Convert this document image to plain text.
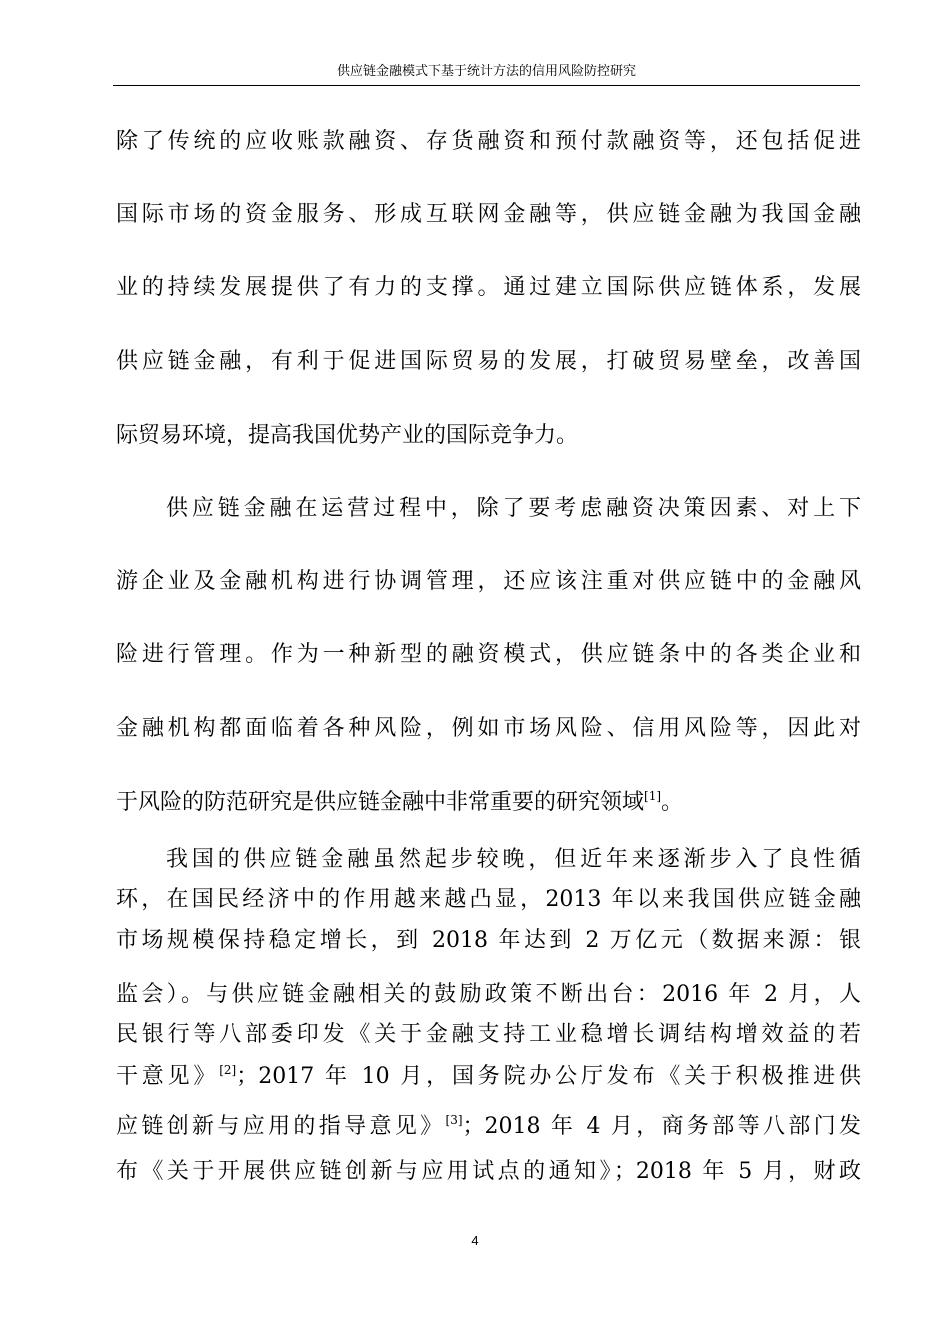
供应链金融模式下基于统计方法的信用风险防控研究
除了传统的应收账款融资、存货融资和预付款融资等，还包括促进
国际市场的资金服务、形成互联网金融等，供应链金融为我国金融
业的持续发展提供了有力的支撑。通过建立国际供应链体系，发展
供应链金融，有利于促进国际贸易的发展，打破贸易壁垒，改善国
际贸易环境，提高我国优势产业的国际竞争力。
供应链金融在运营过程中，除了要考虑融资决策因素、对上下
游企业及金融机构进行协调管理，还应该注重对供应链中的金融风
险进行管理。作为一种新型的融资模式，供应链条中的各类企业和
金融机构都面临着各种风险，例如市场风险、信用风险等，因此对
于风险的防范研究是供应链金融中非常重要的研究领域[1]。
我国的供应链金融虽然起步较晚，但近年来逐渐步入了良性循
环，在国民经济中的作用越来越凸显，2013 年以来我国供应链金融
市场规模保持稳定增长，到 2018 年达到 2 万亿元（数据来源：银
监会）。与供应链金融相关的鼓励政策不断出台：2016 年 2 月，人
民银行等八部委印发《关于金融支持工业稳增长调结构增效益的若
干意见》[2]；2017 年 10 月，国务院办公厅发布《关于积极推进供
应链创新与应用的指导意见》[3]；2018 年 4 月，商务部等八部门发
布《关于开展供应链创新与应用试点的通知》；2018 年 5 月，财政
4
